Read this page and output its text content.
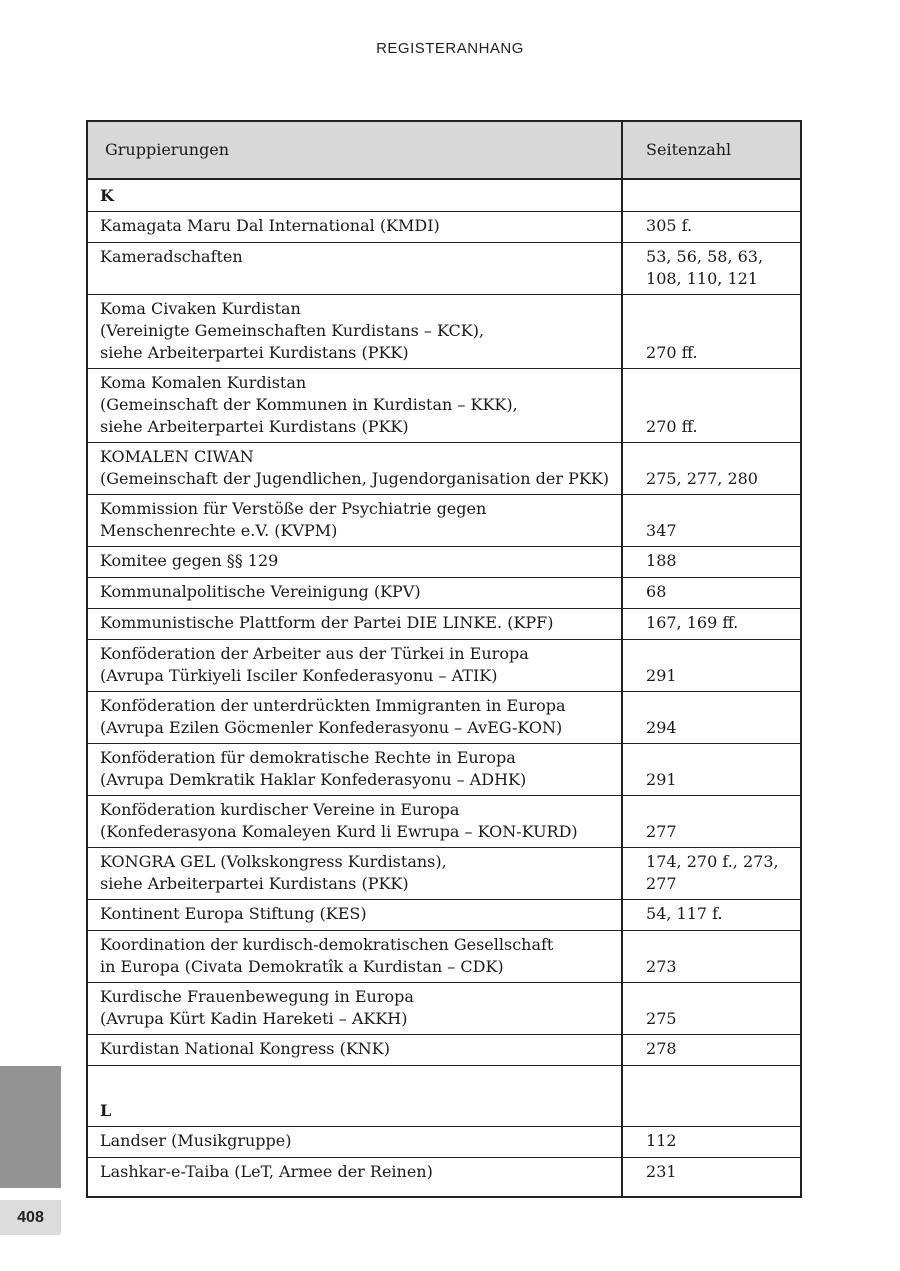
REGISTERANHANG
Gruppierungen	Seitenzahl

K	

Kamagata Maru Dal International (KMDI)	305 f.

Kameradschaften	53, 56, 58, 63, 108, 110, 121

Koma Civaken Kurdistan
(Vereinigte Gemeinschaften Kurdistans – KCK),
siehe Arbeiterpartei Kurdistans (PKK)	270 ff.

Koma Komalen Kurdistan
(Gemeinschaft der Kommunen in Kurdistan – KKK),
siehe Arbeiterpartei Kurdistans (PKK)	270 ff.

KOMALEN CIWAN
(Gemeinschaft der Jugendlichen, Jugendorganisation der PKK)	275, 277, 280

Kommission für Verstöße der Psychiatrie gegen
Menschenrechte e.V. (KVPM)	347

Komitee gegen §§ 129	188

Kommunalpolitische Vereinigung (KPV)	68

Kommunistische Plattform der Partei DIE LINKE. (KPF)	167, 169 ff.

Konföderation der Arbeiter aus der Türkei in Europa
(Avrupa Türkiyeli Isciler Konfederasyonu – ATIK)	291

Konföderation der unterdrückten Immigranten in Europa
(Avrupa Ezilen Göcmenler Konfederasyonu – AvEG-KON)	294

Konföderation für demokratische Rechte in Europa
(Avrupa Demkratik Haklar Konfederasyonu – ADHK)	291

Konföderation kurdischer Vereine in Europa
(Konfederasyona Komaleyen Kurd li Ewrupa – KON-KURD)	277

KONGRA GEL (Volkskongress Kurdistans),
siehe Arbeiterpartei Kurdistans (PKK)	174, 270 f., 273, 277

Kontinent Europa Stiftung (KES)	54, 117 f.

Koordination der kurdisch-demokratischen Gesellschaft
in Europa (Civata Demokratîk a Kurdistan – CDK)	273

Kurdische Frauenbewegung in Europa
(Avrupa Kürt Kadin Hareketi – AKKH)	275

Kurdistan National Kongress (KNK)	278

L	

Landser (Musikgruppe)	112

Lashkar-e-Taiba (LeT, Armee der Reinen)	231
408
